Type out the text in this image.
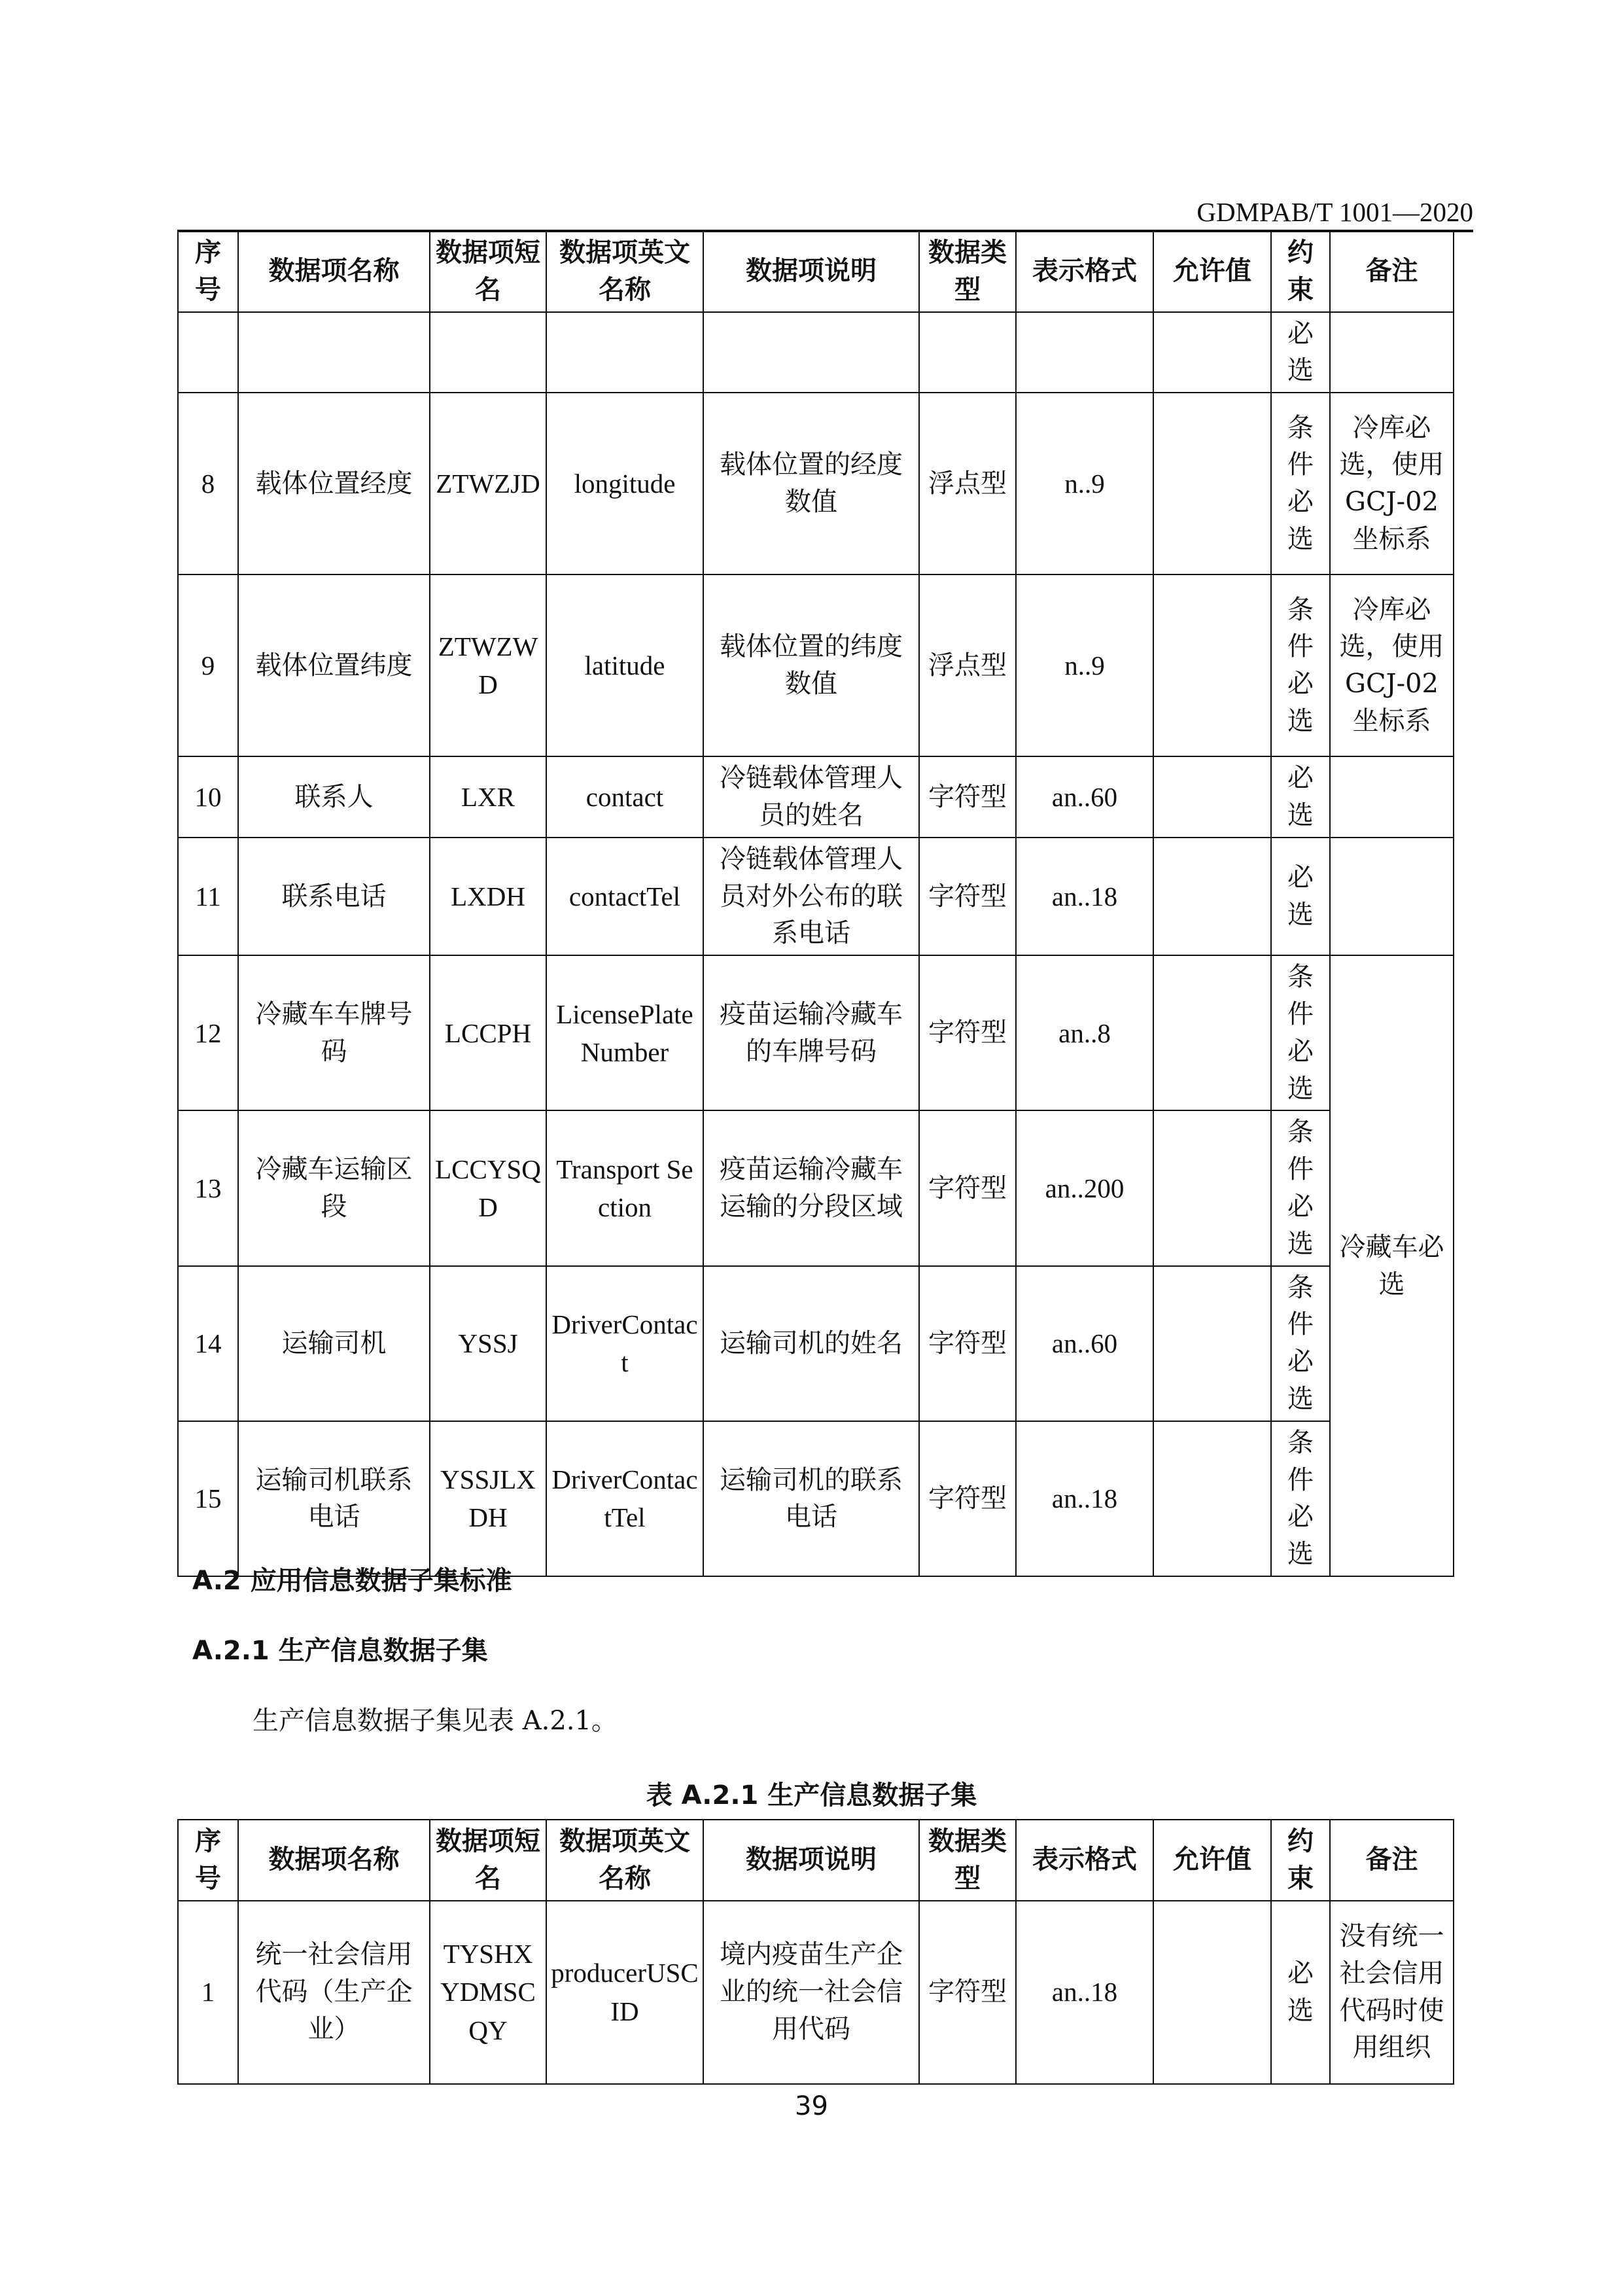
GDMPAB/T 1001—2020
序号	数据项名称	数据项短名	数据项英文名称	数据项说明	数据类型	表示格式	允许值	约束	备注

								必选	

8	载体位置经度	ZTWZJD	longitude	载体位置的经度数值	浮点型	n..9		条件必选	冷库必选，使用GCJ-02坐标系
9	载体位置纬度	ZTWZWD	latitude	载体位置的纬度数值	浮点型	n..9		条件必选	冷库必选，使用GCJ-02坐标系
10	联系人	LXR	contact	冷链载体管理人员的姓名	字符型	an..60		必选	

11	联系电话	LXDH	contactTel	冷链载体管理人员对外公布的联系电话	字符型	an..18		必选	

12	冷藏车车牌号码	LCCPH	LicensePlateNumber	疫苗运输冷藏车的车牌号码	字符型	an..8		条件必选	冷藏车必选
13	冷藏车运输区段	LCCYSQD	Transport Section	疫苗运输冷藏车运输的分段区域	字符型	an..200		条件必选	

14	运输司机	YSSJ	DriverContact	运输司机的姓名	字符型	an..60		条件必选	

15	运输司机联系电话	YSSJLXDH	DriverContactTel	运输司机的联系电话	字符型	an..18		条件必选	
A.2 应用信息数据子集标准
A.2.1 生产信息数据子集
生产信息数据子集见表 A.2.1。
表 A.2.1 生产信息数据子集
序号	数据项名称	数据项短名	数据项英文名称	数据项说明	数据类型	表示格式	允许值	约束	备注
1	统一社会信用代码（生产企业）	TYSHXYDMSCQY	producerUSCID	境内疫苗生产企业的统一社会信用代码	字符型	an..18		必选	没有统一社会信用代码时使用组织
39
